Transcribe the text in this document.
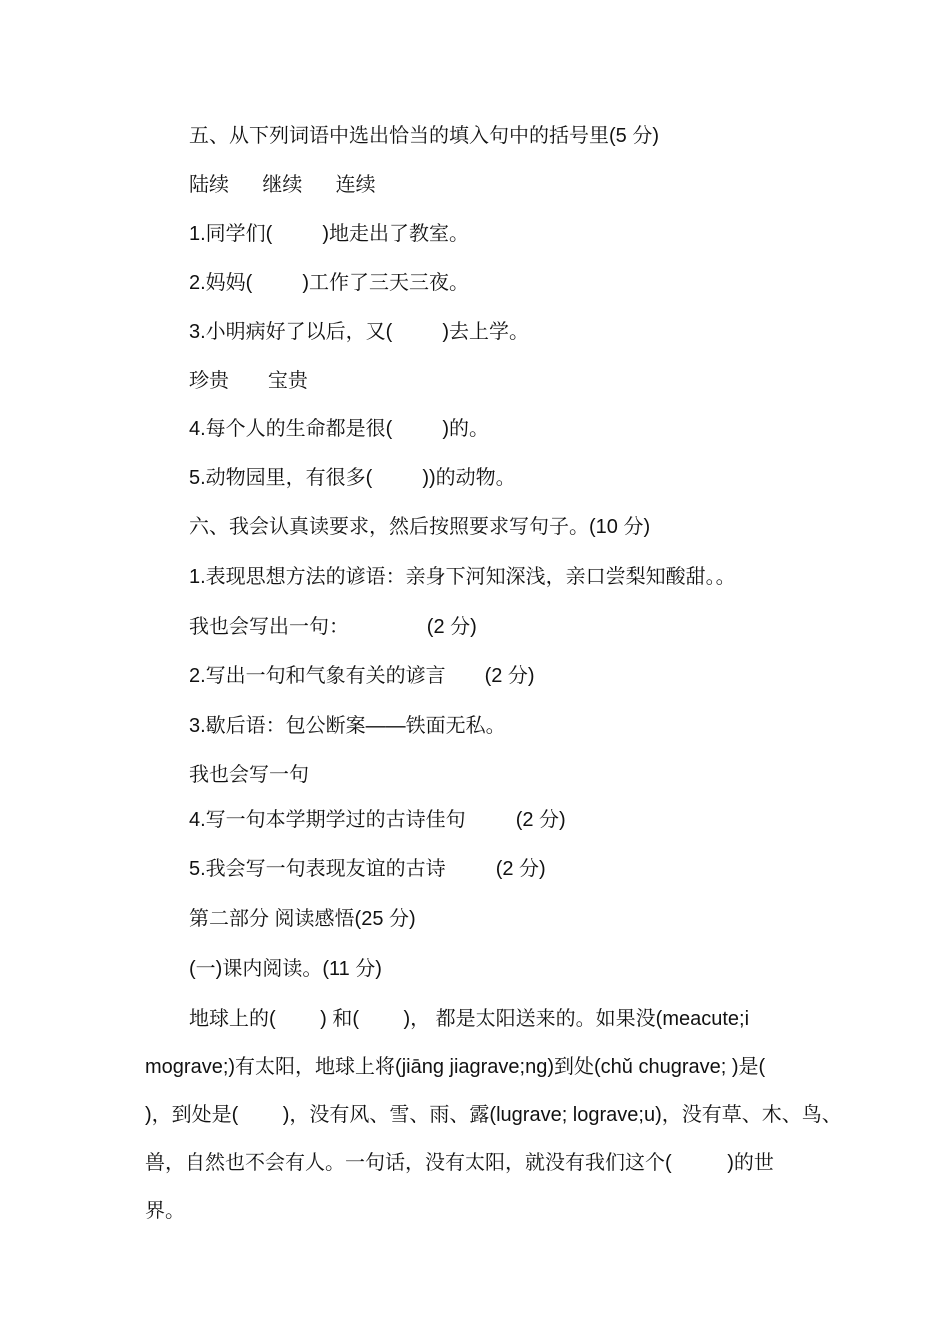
五、从下列词语中选出恰当的填入句中的括号里(5 分)
陆续      继续      连续
1.同学们(         )地走出了教室。
2.妈妈(         )工作了三天三夜。
3.小明病好了以后，又(         )去上学。
珍贵       宝贵
4.每个人的生命都是很(         )的。
5.动物园里，有很多(         ))的动物。
六、我会认真读要求，然后按照要求写句子。(10 分)
1.表现思想方法的谚语：亲身下河知深浅，亲口尝梨知酸甜。。
我也会写出一句：              (2 分)
2.写出一句和气象有关的谚言       (2 分)
3.歇后语：包公断案——铁面无私。
我也会写一句
4.写一句本学期学过的古诗佳句         (2 分)
5.我会写一句表现友谊的古诗         (2 分)
第二部分 阅读感悟(25 分)
(一)课内阅读。(11 分)
地球上的(        ) 和(        )， 都是太阳送来的。如果没(meacute;i
mograve;)有太阳，地球上将(jiāng jiagrave;ng)到处(chǔ chugrave; )是(
)，到处是(        )，没有风、雪、雨、露(lugrave; lograve;u)，没有草、木、鸟、
兽，自然也不会有人。一句话，没有太阳，就没有我们这个(          )的世
界。
